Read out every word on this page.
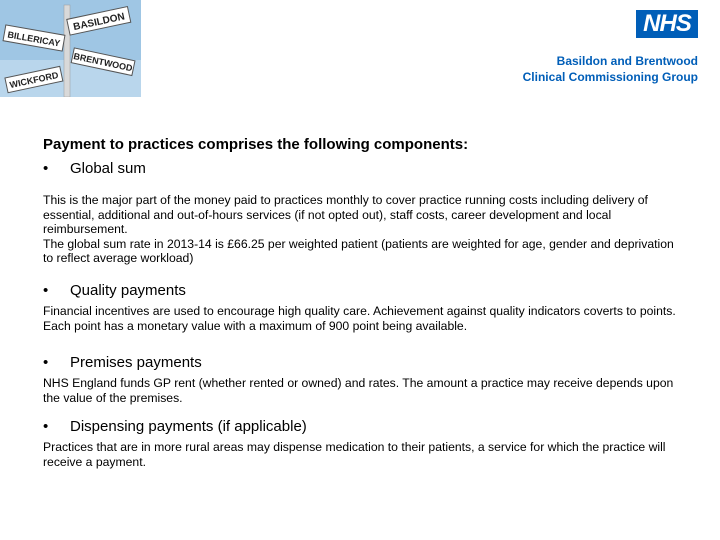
BASILDON
BILLERICAY
BRENTWOOD
WICKFORD
NHS
Basildon and Brentwood
Clinical Commissioning Group
Payment to practices comprises the following components:
• Global sum

This is the major part of the money paid to practices monthly to cover practice running costs including delivery of essential, additional and out-of-hours services (if not opted out), staff costs, career development and local reimbursement.

The global sum rate in 2013-14 is £66.25 per weighted patient (patients are weighted for age, gender and deprivation to reflect average workload)

• Quality payments

Financial incentives are used to encourage high quality care. Achievement against quality indicators coverts to points. Each point has a monetary value with a maximum of 900 point being available.

• Premises payments

NHS England funds GP rent (whether rented or owned) and rates. The amount a practice may receive depends upon the value of the premises.

• Dispensing payments (if applicable)

Practices that are in more rural areas may dispense medication to their patients, a service for which the practice will receive a payment.
